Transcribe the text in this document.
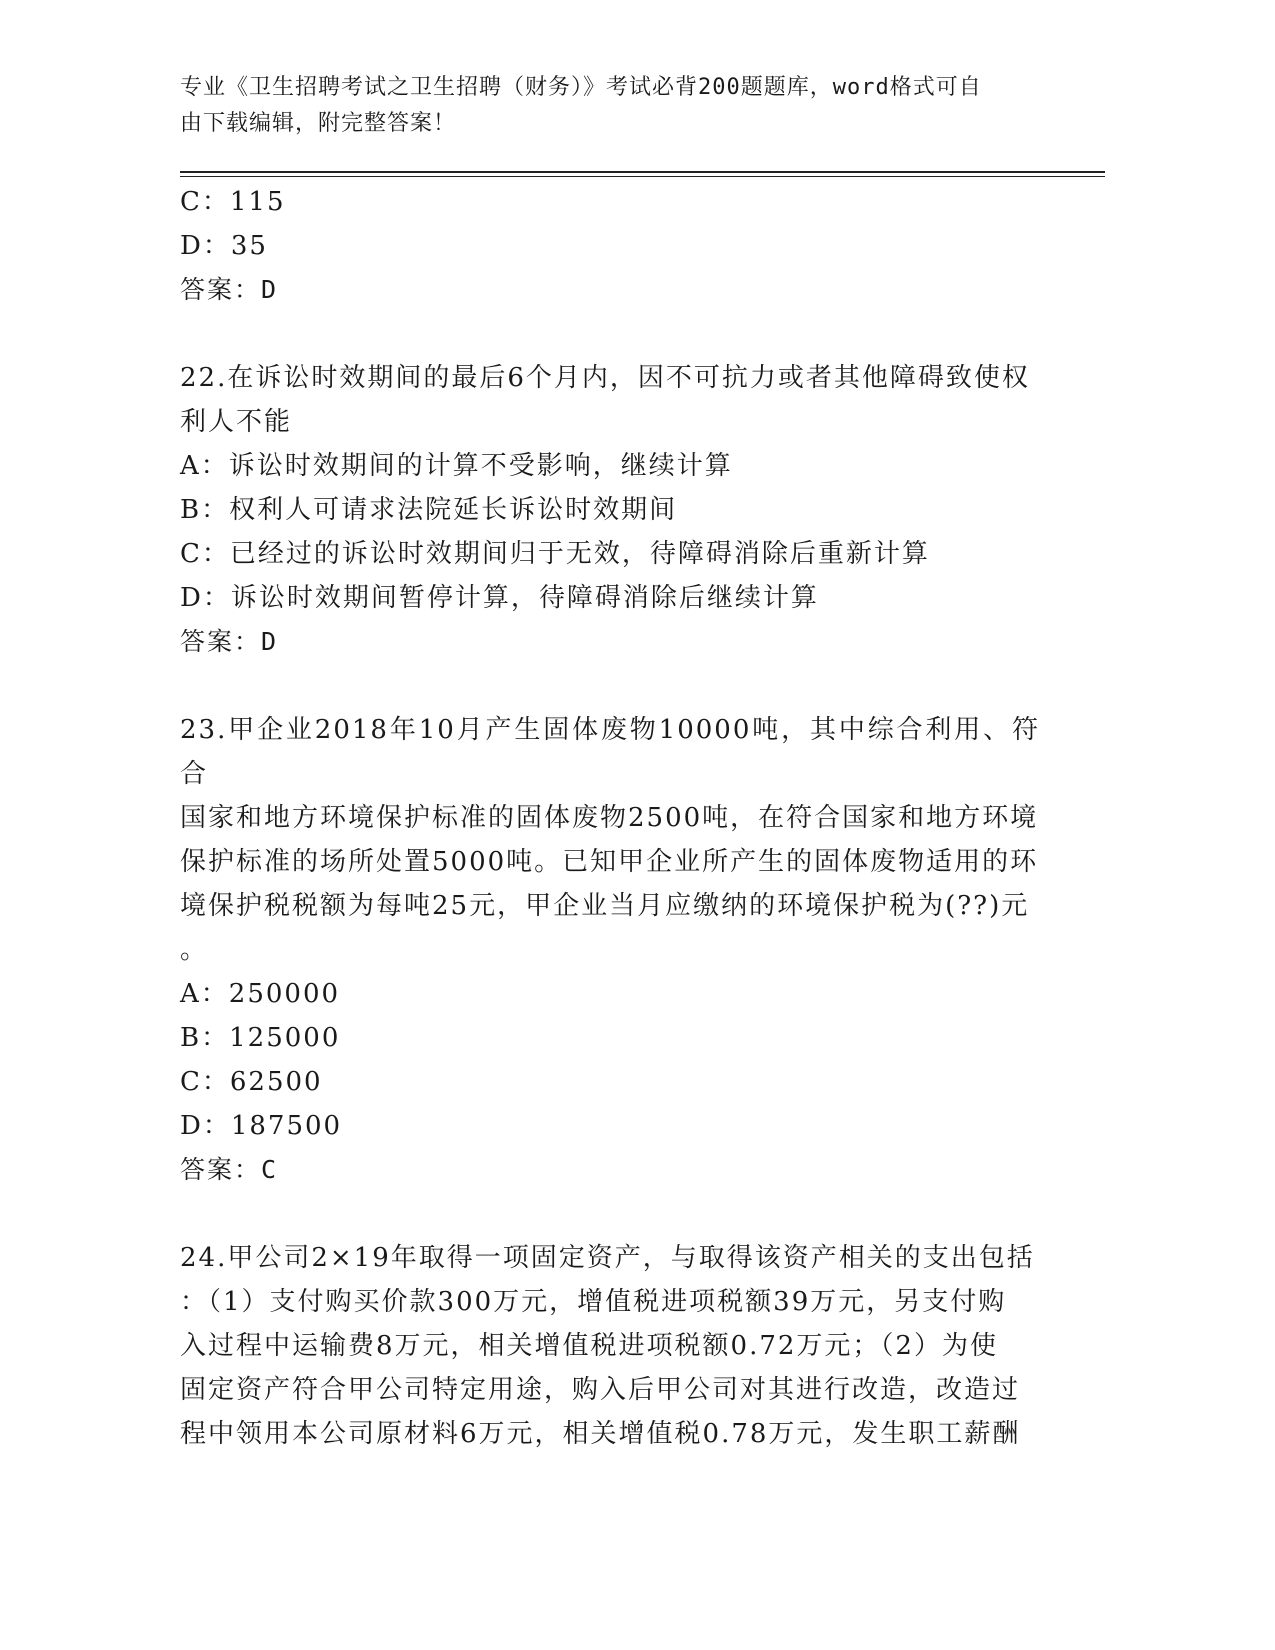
专业《卫生招聘考试之卫生招聘（财务）》考试必背200题题库，word格式可自
由下载编辑，附完整答案！
C：115
D：35
答案：D
22.在诉讼时效期间的最后6个月内，因不可抗力或者其他障碍致使权
利人不能
A：诉讼时效期间的计算不受影响，继续计算
B：权利人可请求法院延长诉讼时效期间
C：已经过的诉讼时效期间归于无效，待障碍消除后重新计算
D：诉讼时效期间暂停计算，待障碍消除后继续计算
答案：D
23.甲企业2018年10月产生固体废物10000吨，其中综合利用、符合
国家和地方环境保护标准的固体废物2500吨，在符合国家和地方环境
保护标准的场所处置5000吨。已知甲企业所产生的固体废物适用的环
境保护税税额为每吨25元，甲企业当月应缴纳的环境保护税为(??)元
。
A：250000
B：125000
C：62500
D：187500
答案：C
24.甲公司2×19年取得一项固定资产，与取得该资产相关的支出包括
：（1）支付购买价款300万元，增值税进项税额39万元，另支付购
入过程中运输费8万元，相关增值税进项税额0.72万元；（2）为使
固定资产符合甲公司特定用途，购入后甲公司对其进行改造，改造过
程中领用本公司原材料6万元，相关增值税0.78万元，发生职工薪酬
